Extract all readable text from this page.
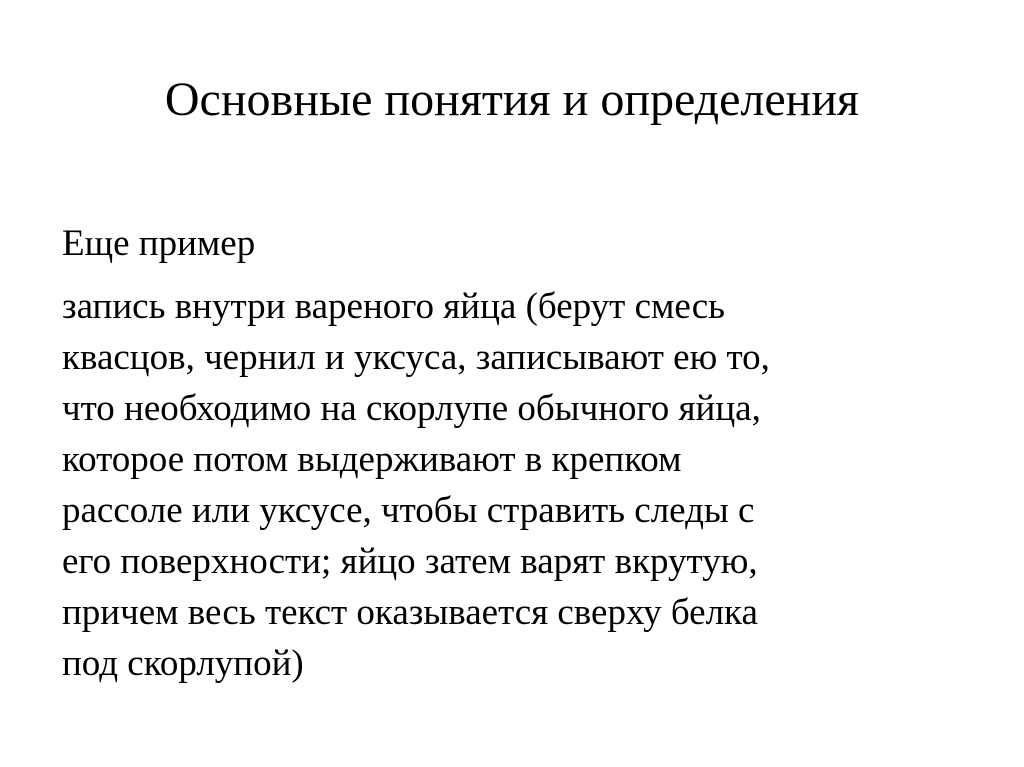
Основные понятия и определения

Еще пример

запись внутри вареного яйца (берут смесь
квасцов, чернил и уксуса, записывают ею то,
что необходимо на скорлупе обычного яйца,
которое потом выдерживают в крепком
рассоле или уксусе, чтобы стравить следы с
его поверхности; яйцо затем варят вкрутую,
причем весь текст оказывается сверху белка
под скорлупой)
